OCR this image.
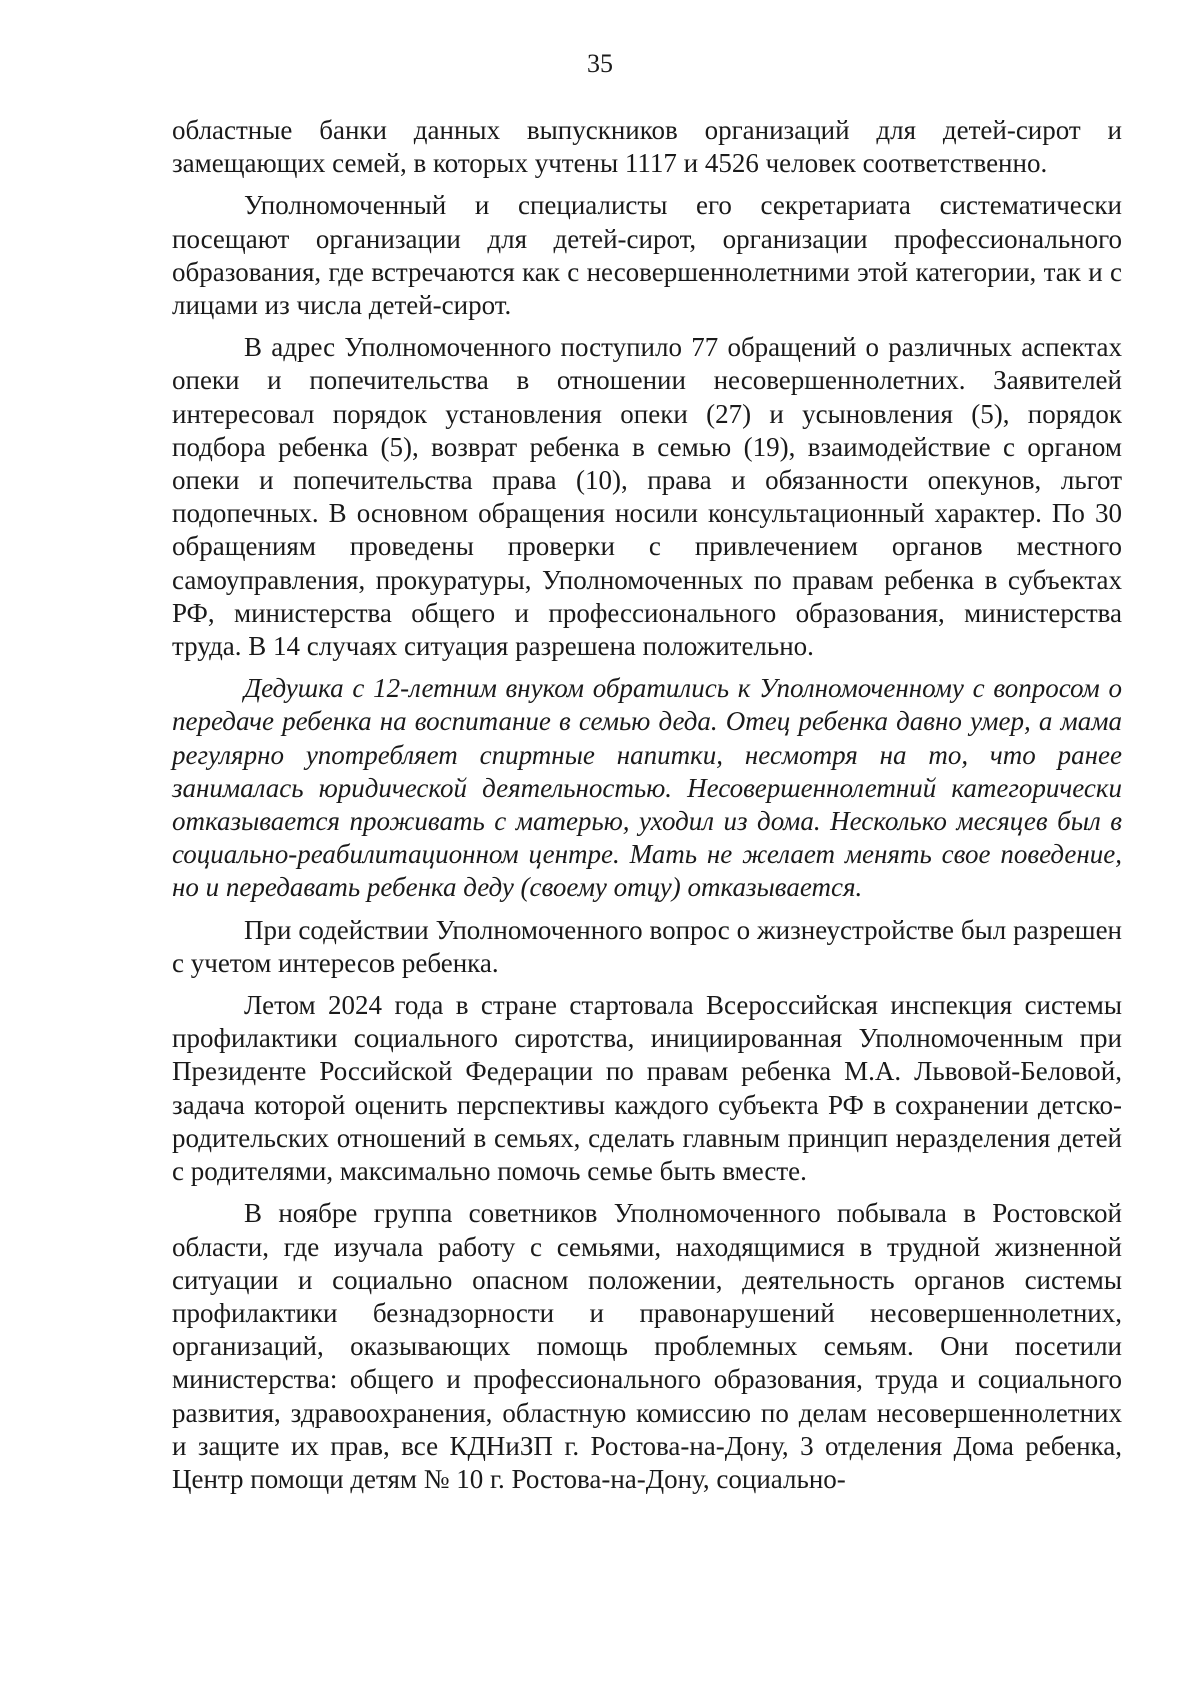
35

областные банки данных выпускников организаций для детей-сирот и замещающих семей, в которых учтены 1117 и 4526 человек соответственно.

Уполномоченный и специалисты его секретариата систематически посещают организации для детей-сирот, организации профессионального образования, где встречаются как с несовершеннолетними этой категории, так и с лицами из числа детей-сирот.

В адрес Уполномоченного поступило 77 обращений о различных аспектах опеки и попечительства в отношении несовершеннолетних. Заявителей интересовал порядок установления опеки (27) и усыновления (5), порядок подбора ребенка (5), возврат ребенка в семью (19), взаимодействие с органом опеки и попечительства права (10), права и обязанности опекунов, льгот подопечных. В основном обращения носили консультационный характер. По 30 обращениям проведены проверки с привлечением органов местного самоуправления, прокуратуры, Уполномоченных по правам ребенка в субъектах РФ, министерства общего и профессионального образования, министерства труда. В 14 случаях ситуация разрешена положительно.

Дедушка с 12-летним внуком обратились к Уполномоченному с вопросом о передаче ребенка на воспитание в семью деда. Отец ребенка давно умер, а мама регулярно употребляет спиртные напитки, несмотря на то, что ранее занималась юридической деятельностью. Несовершеннолетний категорически отказывается проживать с матерью, уходил из дома. Несколько месяцев был в социально-реабилитационном центре. Мать не желает менять свое поведение, но и передавать ребенка деду (своему отцу) отказывается.

При содействии Уполномоченного вопрос о жизнеустройстве был разрешен с учетом интересов ребенка.

Летом 2024 года в стране стартовала Всероссийская инспекция системы профилактики социального сиротства, инициированная Уполномоченным при Президенте Российской Федерации по правам ребенка М.А. Львовой-Беловой, задача которой оценить перспективы каждого субъекта РФ в сохранении детско-родительских отношений в семьях, сделать главным принцип неразделения детей с родителями, максимально помочь семье быть вместе.

В ноябре группа советников Уполномоченного побывала в Ростовской области, где изучала работу с семьями, находящимися в трудной жизненной ситуации и социально опасном положении, деятельность органов системы профилактики безнадзорности и правонарушений несовершеннолетних, организаций, оказывающих помощь проблемных семьям. Они посетили министерства: общего и профессионального образования, труда и социального развития, здравоохранения, областную комиссию по делам несовершеннолетних и защите их прав, все КДНиЗП г. Ростова-на-Дону, 3 отделения Дома ребенка, Центр помощи детям № 10 г. Ростова-на-Дону, социально-
